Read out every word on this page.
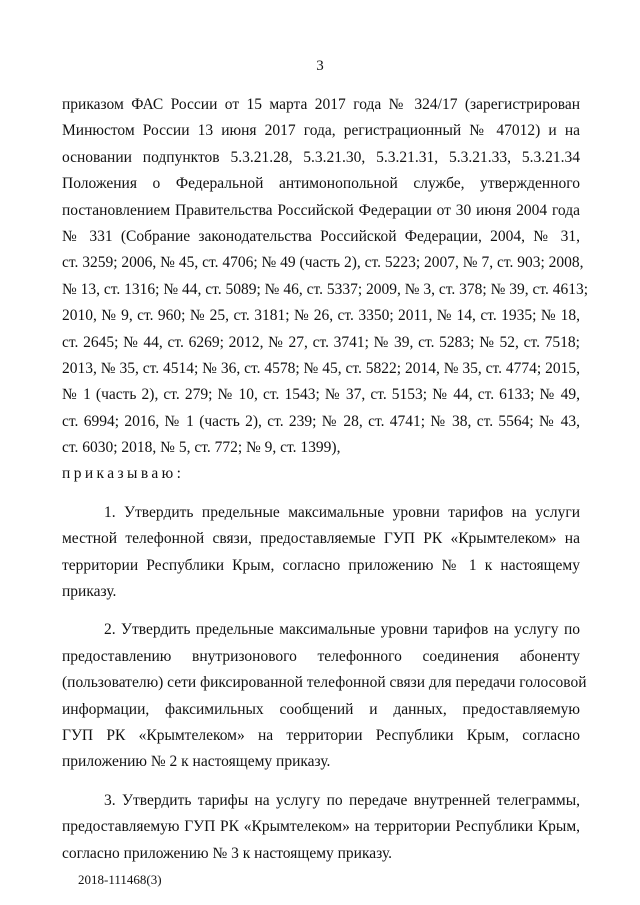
3
приказом ФАС России от 15 марта 2017 года № 324/17 (зарегистрирован
Минюстом России 13 июня 2017 года, регистрационный № 47012) и на
основании подпунктов 5.3.21.28, 5.3.21.30, 5.3.21.31, 5.3.21.33, 5.3.21.34
Положения о Федеральной антимонопольной службе, утвержденного
постановлением Правительства Российской Федерации от 30 июня 2004 года
№ 331 (Собрание законодательства Российской Федерации, 2004, № 31,
ст. 3259; 2006, № 45, ст. 4706; № 49 (часть 2), ст. 5223; 2007, № 7, ст. 903; 2008,
№ 13, ст. 1316; № 44, ст. 5089; № 46, ст. 5337; 2009, № 3, ст. 378; № 39, ст. 4613;
2010, № 9, ст. 960; № 25, ст. 3181; № 26, ст. 3350; 2011, № 14, ст. 1935; № 18,
ст. 2645; № 44, ст. 6269; 2012, № 27, ст. 3741; № 39, ст. 5283; № 52, ст. 7518;
2013, № 35, ст. 4514; № 36, ст. 4578; № 45, ст. 5822; 2014, № 35, ст. 4774; 2015,
№ 1 (часть 2), ст. 279; № 10, ст. 1543; № 37, ст. 5153; № 44, ст. 6133; № 49,
ст. 6994; 2016, № 1 (часть 2), ст. 239; № 28, ст. 4741; № 38, ст. 5564; № 43,
ст. 6030; 2018, № 5, ст. 772; № 9, ст. 1399),
приказываю:
1. Утвердить предельные максимальные уровни тарифов на услуги
местной телефонной связи, предоставляемые ГУП РК «Крымтелеком» на
территории Республики Крым, согласно приложению № 1 к настоящему
приказу.
2. Утвердить предельные максимальные уровни тарифов на услугу по
предоставлению внутризонового телефонного соединения абоненту
(пользователю) сети фиксированной телефонной связи для передачи голосовой
информации, факсимильных сообщений и данных, предоставляемую
ГУП РК «Крымтелеком» на территории Республики Крым, согласно
приложению № 2 к настоящему приказу.
3. Утвердить тарифы на услугу по передаче внутренней телеграммы,
предоставляемую ГУП РК «Крымтелеком» на территории Республики Крым,
согласно приложению № 3 к настоящему приказу.
2018-111468(3)
